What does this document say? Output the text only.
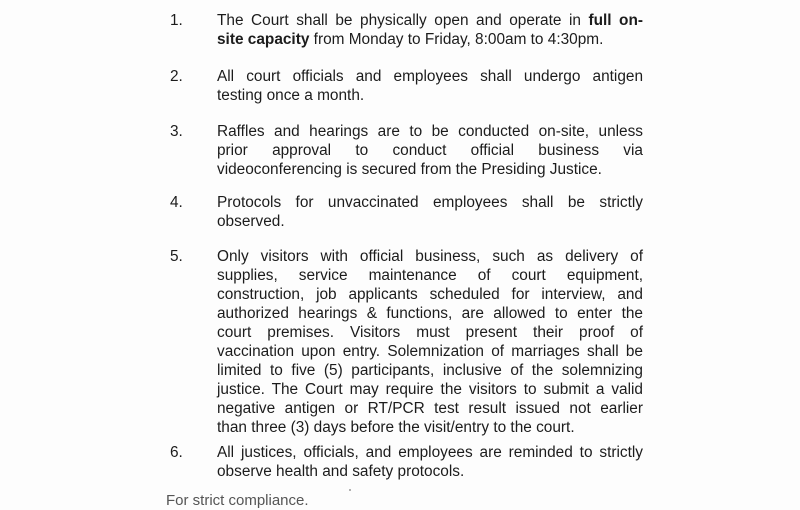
1.	The Court shall be physically open and operate in full on-
site capacity from Monday to Friday, 8:00am to 4:30pm.
2.	All court officials and employees shall undergo antigen
testing once a month.
3.	Raffles and hearings are to be conducted on-site, unless
prior approval to conduct official business via
videoconferencing is secured from the Presiding Justice.
4.	Protocols for unvaccinated employees shall be strictly
observed.
5.	Only visitors with official business, such as delivery of
supplies, service maintenance of court equipment,
construction, job applicants scheduled for interview, and
authorized hearings & functions, are allowed to enter the
court premises. Visitors must present their proof of
vaccination upon entry. Solemnization of marriages shall be
limited to five (5) participants, inclusive of the solemnizing
justice. The Court may require the visitors to submit a valid
negative antigen or RT/PCR test result issued not earlier
than three (3) days before the visit/entry to the court.
6.	All justices, officials, and employees are reminded to strictly
observe health and safety protocols.
For strict compliance.
